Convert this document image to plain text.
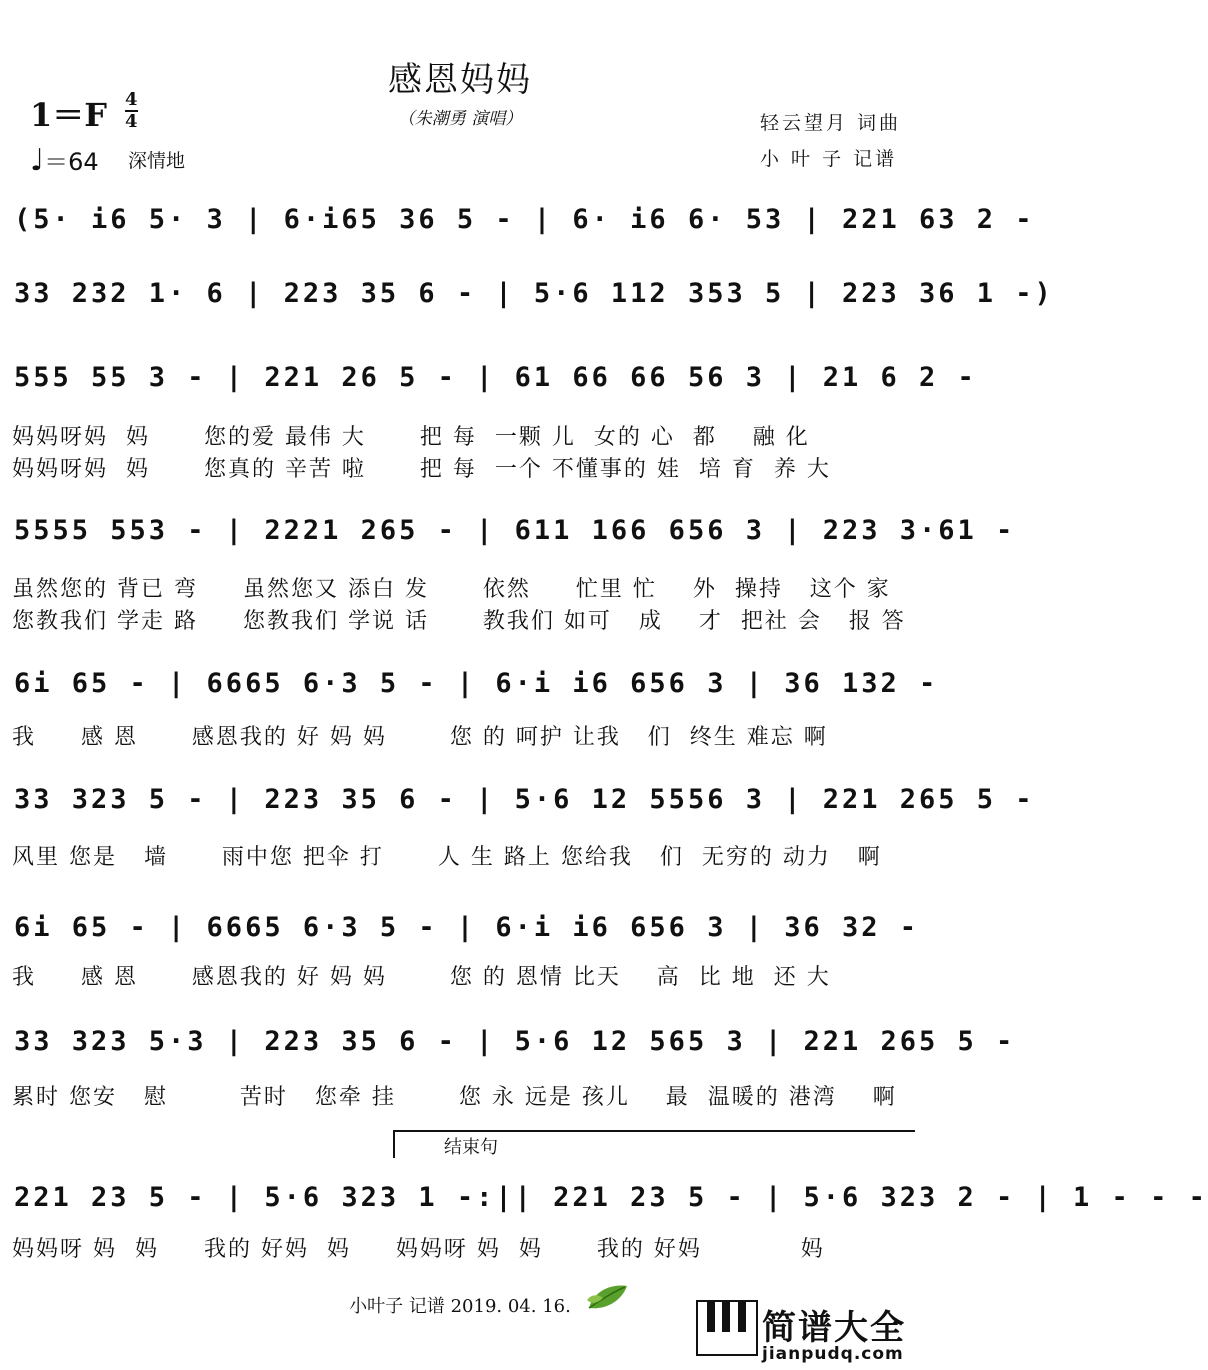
感恩妈妈
（朱潮勇 演唱）	轻云望月 词曲
小 叶 子 记谱
1＝F 4
4
♩＝64 深情地
(5· i6 5· 3 | 6·i65 36 5 - | 6· i6 6· 53 | 221 63 2 -
33 232 1· 6 | 223 35 6 - | 5·6 112 353 5 | 223 36 1 -)
555 55 3 - | 221 26 5 - | 61 66 66 56 3 | 21 6 2 -
妈妈呀妈  妈      您的爱 最伟 大      把 每  一颗 儿  女的 心  都    融 化
妈妈呀妈  妈      您真的 辛苦 啦      把 每  一个 不懂事的 娃  培 育  养 大
5555 553 - | 2221 265 - | 611 166 656 3 | 223 3·61 -
虽然您的 背已 弯     虽然您又 添白 发      依然     忙里 忙    外  操持   这个 家
您教我们 学走 路     您教我们 学说 话      教我们 如可   成    才  把社 会   报 答
6i 65 - | 6665 6·3 5 - | 6·i i6 656 3 | 36 132 -
我     感 恩      感恩我的 好 妈 妈       您 的 呵护 让我   们  终生 难忘 啊
33 323 5 - | 223 35 6 - | 5·6 12 5556 3 | 221 265 5 -
风里 您是   墙      雨中您 把伞 打      人 生 路上 您给我   们  无穷的 动力   啊
6i 65 - | 6665 6·3 5 - | 6·i i6 656 3 | 36 32 -
我     感 恩      感恩我的 好 妈 妈       您 的 恩情 比天    高  比 地  还 大
33 323 5·3 | 223 35 6 - | 5·6 12 565 3 | 221 265 5 -
累时 您安   慰        苦时   您牵 挂       您 永 远是 孩儿    最  温暖的 港湾    啊
结束句
221 23 5 - | 5·6 323 1 -:|| 221 23 5 - | 5·6 323 2 - | 1 - - -
妈妈呀 妈  妈     我的 好妈  妈     妈妈呀 妈  妈      我的 好妈           妈
小叶子 记谱 2019. 04. 16.
简谱大全
jianpudq.com
